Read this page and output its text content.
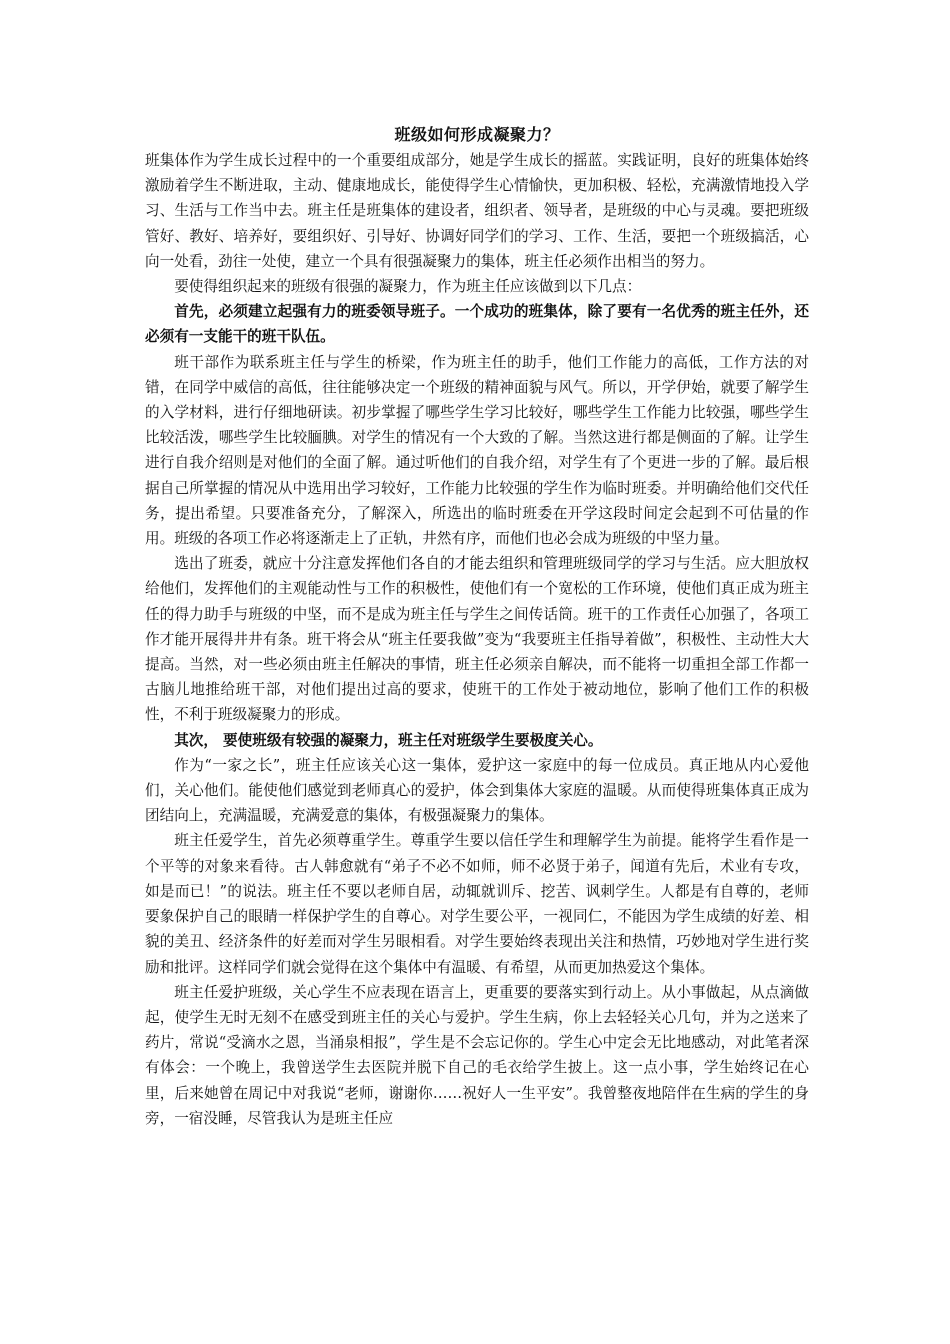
班级如何形成凝聚力？

班集体作为学生成长过程中的一个重要组成部分，她是学生成长的摇蓝。实践证明，良好的班集体始终激励着学生不断进取，主动、健康地成长，能使得学生心情愉快，更加积极、轻松，充满激情地投入学习、生活与工作当中去。班主任是班集体的建设者，组织者、领导者，是班级的中心与灵魂。要把班级管好、教好、培养好，要组织好、引导好、协调好同学们的学习、工作、生活，要把一个班级搞活，心向一处看，劲往一处使，建立一个具有很强凝聚力的集体，班主任必须作出相当的努力。

要使得组织起来的班级有很强的凝聚力，作为班主任应该做到以下几点：

首先，必须建立起强有力的班委领导班子。一个成功的班集体，除了要有一名优秀的班主任外，还必须有一支能干的班干队伍。

班干部作为联系班主任与学生的桥梁，作为班主任的助手，他们工作能力的高低，工作方法的对错，在同学中威信的高低，往往能够决定一个班级的精神面貌与风气。所以，开学伊始，就要了解学生的入学材料，进行仔细地研读。初步掌握了哪些学生学习比较好，哪些学生工作能力比较强，哪些学生比较活泼，哪些学生比较腼腆。对学生的情况有一个大致的了解。当然这进行都是侧面的了解。让学生进行自我介绍则是对他们的全面了解。通过听他们的自我介绍，对学生有了个更进一步的了解。最后根据自己所掌握的情况从中选用出学习较好，工作能力比较强的学生作为临时班委。并明确给他们交代任务，提出希望。只要准备充分，了解深入，所选出的临时班委在开学这段时间定会起到不可估量的作用。班级的各项工作必将逐渐走上了正轨，井然有序，而他们也必会成为班级的中坚力量。

选出了班委，就应十分注意发挥他们各自的才能去组织和管理班级同学的学习与生活。应大胆放权给他们，发挥他们的主观能动性与工作的积极性，使他们有一个宽松的工作环境，使他们真正成为班主任的得力助手与班级的中坚，而不是成为班主任与学生之间传话筒。班干的工作责任心加强了，各项工作才能开展得井井有条。班干将会从“班主任要我做”变为“我要班主任指导着做”，积极性、主动性大大提高。当然，对一些必须由班主任解决的事情，班主任必须亲自解决，而不能将一切重担全部工作都一古脑儿地推给班干部，对他们提出过高的要求，使班干的工作处于被动地位，影响了他们工作的积极性，不利于班级凝聚力的形成。

其次， 要使班级有较强的凝聚力，班主任对班级学生要极度关心。

作为“一家之长”，班主任应该关心这一集体，爱护这一家庭中的每一位成员。真正地从内心爱他们，关心他们。能使他们感觉到老师真心的爱护，体会到集体大家庭的温暖。从而使得班集体真正成为团结向上，充满温暖，充满爱意的集体，有极强凝聚力的集体。

班主任爱学生，首先必须尊重学生。尊重学生要以信任学生和理解学生为前提。能将学生看作是一个平等的对象来看待。古人韩愈就有“弟子不必不如师，师不必贤于弟子，闻道有先后，术业有专攻，如是而已！”的说法。班主任不要以老师自居，动辄就训斥、挖苦、讽刺学生。人都是有自尊的，老师要象保护自己的眼睛一样保护学生的自尊心。对学生要公平，一视同仁，不能因为学生成绩的好差、相貌的美丑、经济条件的好差而对学生另眼相看。对学生要始终表现出关注和热情，巧妙地对学生进行奖励和批评。这样同学们就会觉得在这个集体中有温暖、有希望，从而更加热爱这个集体。

班主任爱护班级，关心学生不应表现在语言上，更重要的要落实到行动上。从小事做起，从点滴做起，使学生无时无刻不在感受到班主任的关心与爱护。学生生病，你上去轻轻关心几句，并为之送来了药片，常说“受滴水之恩，当涌泉相报”，学生是不会忘记你的。学生心中定会无比地感动，对此笔者深有体会：一个晚上，我曾送学生去医院并脱下自己的毛衣给学生披上。这一点小事，学生始终记在心里，后来她曾在周记中对我说“老师，谢谢你……祝好人一生平安”。我曾整夜地陪伴在生病的学生的身旁，一宿没睡，尽管我认为是班主任应
